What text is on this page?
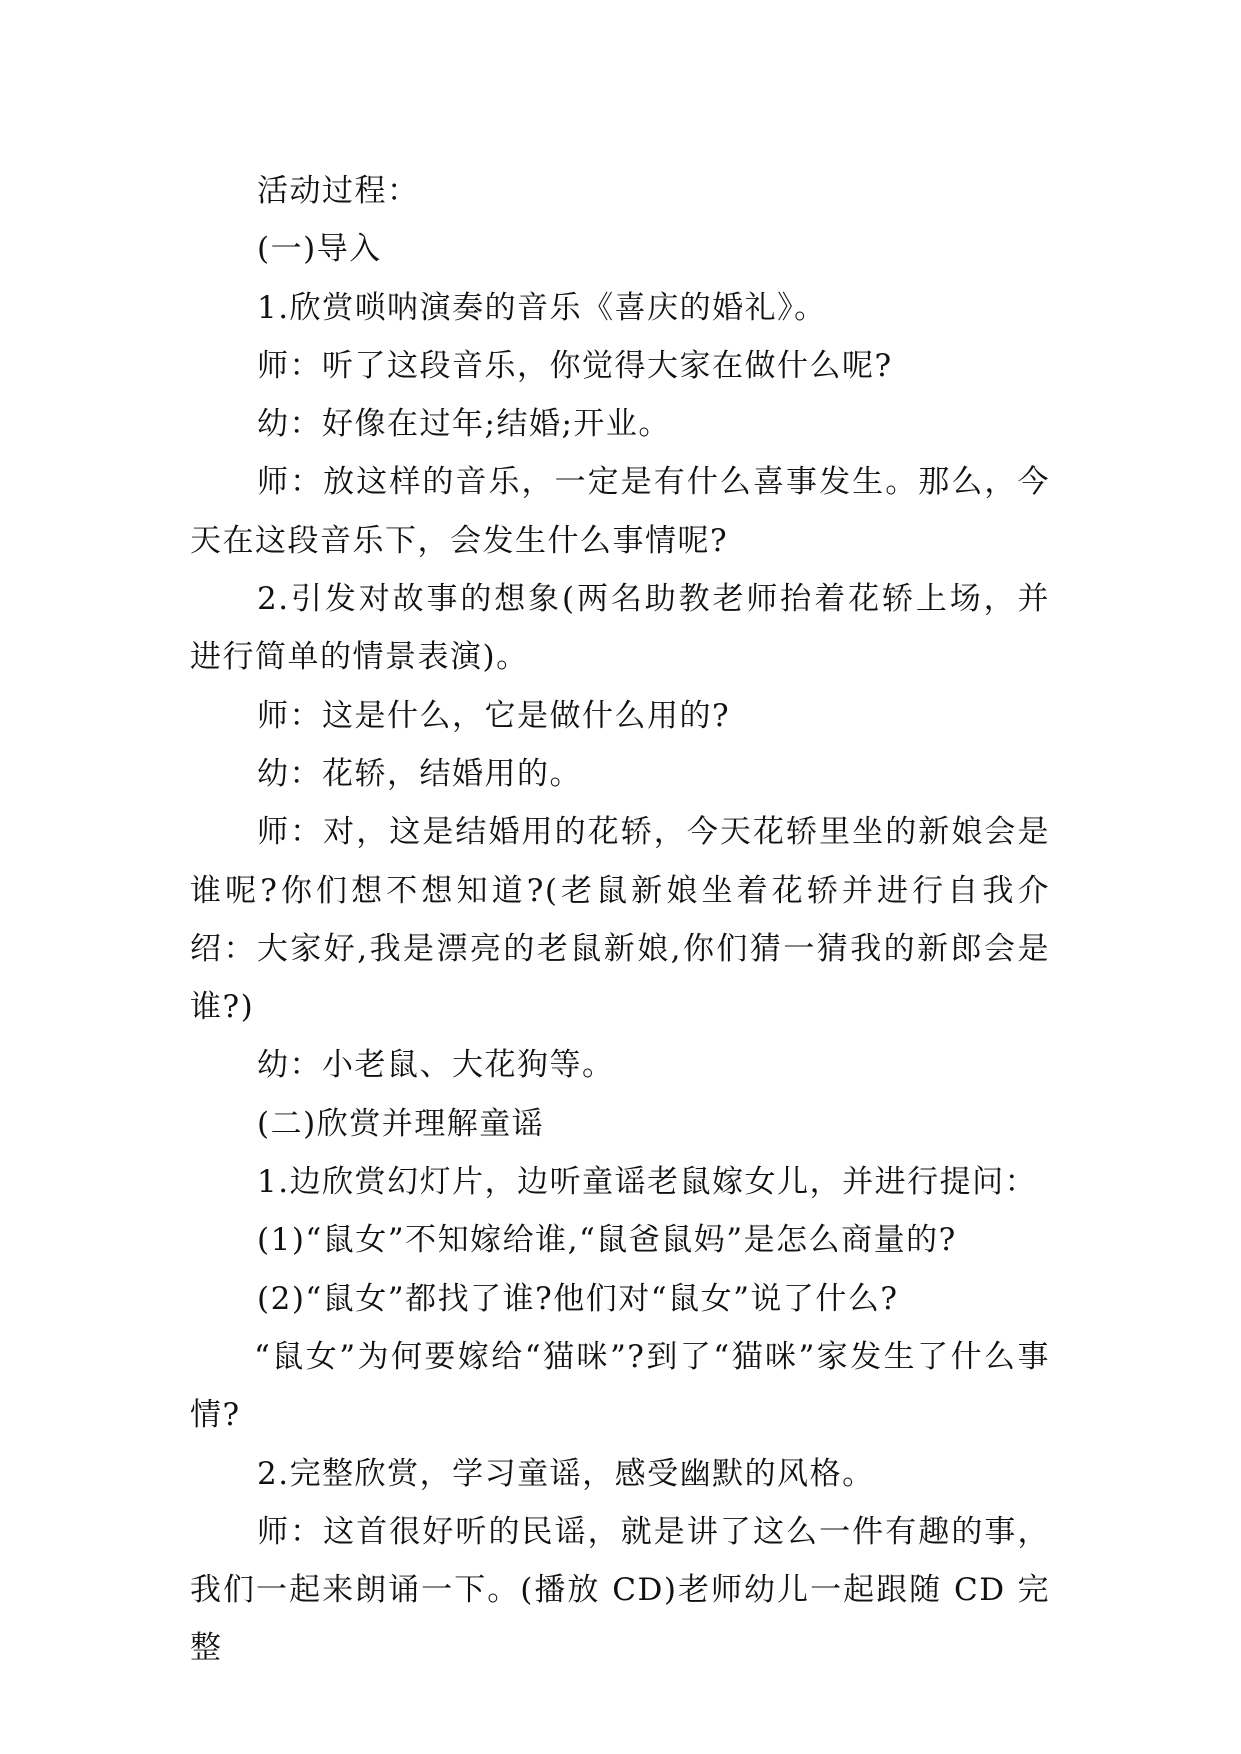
活动过程：

(一)导入

1.欣赏唢呐演奏的音乐《喜庆的婚礼》。

师：听了这段音乐，你觉得大家在做什么呢?

幼：好像在过年;结婚;开业。

师：放这样的音乐，一定是有什么喜事发生。那么，今天在这段音乐下，会发生什么事情呢?

2.引发对故事的想象(两名助教老师抬着花轿上场，并进行简单的情景表演)。

师：这是什么，它是做什么用的?

幼：花轿，结婚用的。

师：对，这是结婚用的花轿，今天花轿里坐的新娘会是谁呢?你们想不想知道?(老鼠新娘坐着花轿并进行自我介绍：大家好,我是漂亮的老鼠新娘,你们猜一猜我的新郎会是谁?)

幼：小老鼠、大花狗等。

(二)欣赏并理解童谣

1.边欣赏幻灯片，边听童谣老鼠嫁女儿，并进行提问：

(1)“鼠女”不知嫁给谁,“鼠爸鼠妈”是怎么商量的?

(2)“鼠女”都找了谁?他们对“鼠女”说了什么?

“鼠女”为何要嫁给“猫咪”?到了“猫咪”家发生了什么事情?

2.完整欣赏，学习童谣，感受幽默的风格。

师：这首很好听的民谣，就是讲了这么一件有趣的事，我们一起来朗诵一下。(播放 CD)老师幼儿一起跟随 CD 完整
